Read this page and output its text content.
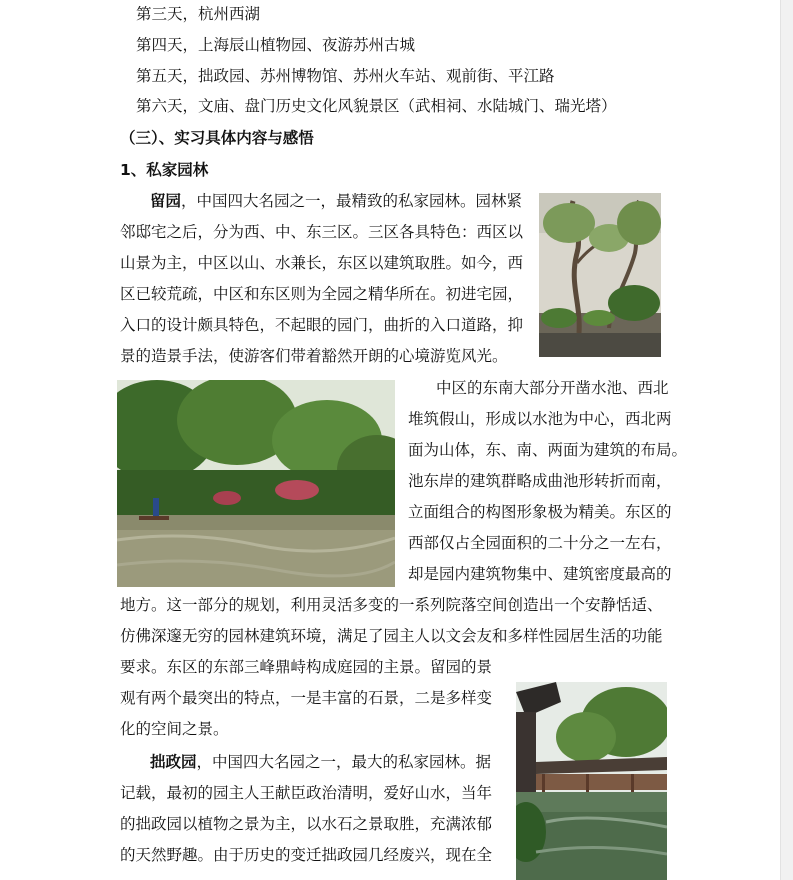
第三天，杭州西湖
第四天，上海辰山植物园、夜游苏州古城
第五天，拙政园、苏州博物馆、苏州火车站、观前街、平江路
第六天，文庙、盘门历史文化风貌景区（武相祠、水陆城门、瑞光塔）
（三）、实习具体内容与感悟
1、私家园林
留园，中国四大名园之一，最精致的私家园林。园林紧
邻邸宅之后，分为西、中、东三区。三区各具特色：西区以
山景为主，中区以山、水兼长，东区以建筑取胜。如今，西
区已较荒疏，中区和东区则为全园之精华所在。初进宅园，
入口的设计颇具特色，不起眼的园门，曲折的入口道路，抑
景的造景手法，使游客们带着豁然开朗的心境游览风光。
中区的东南大部分开凿水池、西北
堆筑假山，形成以水池为中心，西北两
面为山体，东、南、两面为建筑的布局。
池东岸的建筑群略成曲池形转折而南，
立面组合的构图形象极为精美。东区的
西部仅占全园面积的二十分之一左右，
却是园内建筑物集中、建筑密度最高的
地方。这一部分的规划，利用灵活多变的一系列院落空间创造出一个安静恬适、
仿佛深邃无穷的园林建筑环境，满足了园主人以文会友和多样性园居生活的功能
要求。东区的东部三峰鼎峙构成庭园的主景。留园的景
观有两个最突出的特点，一是丰富的石景，二是多样变
化的空间之景。
拙政园，中国四大名园之一，最大的私家园林。据
记载，最初的园主人王献臣政治清明，爱好山水，当年
的拙政园以植物之景为主，以水石之景取胜，充满浓郁
的天然野趣。由于历史的变迁拙政园几经废兴，现在全
